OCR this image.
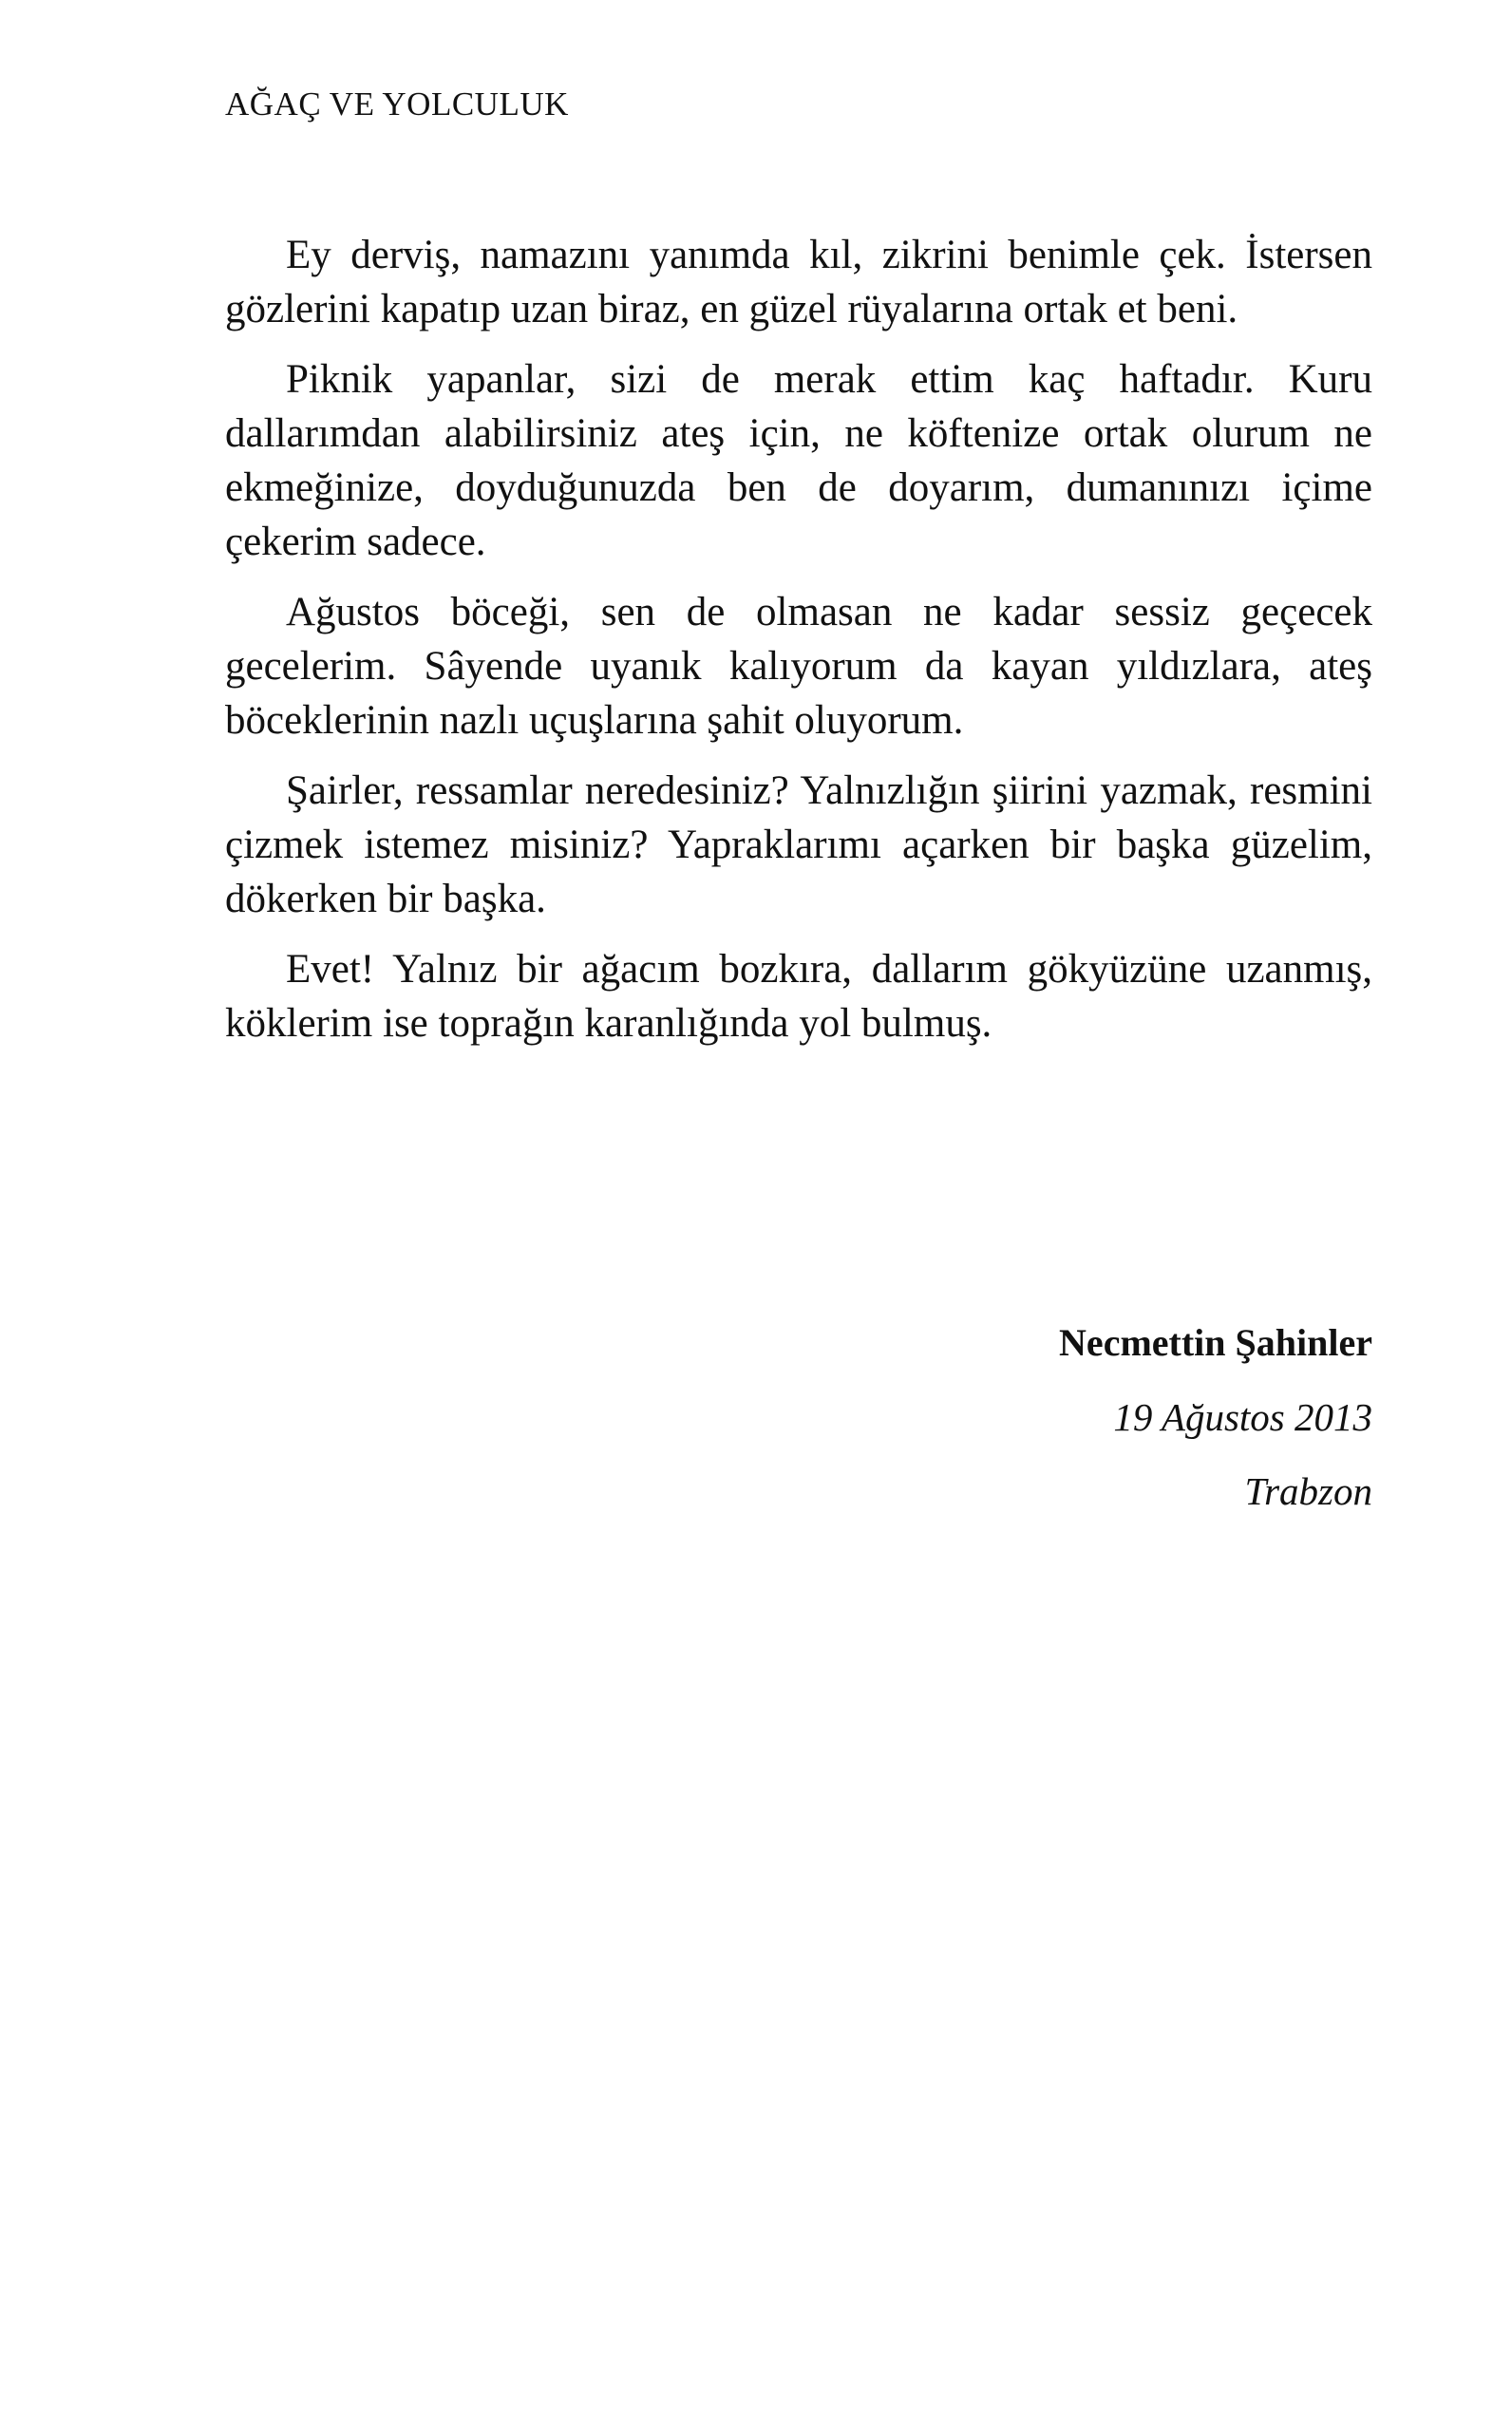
AĞAÇ VE YOLCULUK

Ey derviş, namazını yanımda kıl, zikrini benimle çek. İstersen gözlerini kapatıp uzan biraz, en güzel rüyalarına ortak et beni.

Piknik yapanlar, sizi de merak ettim kaç haftadır. Kuru dallarımdan alabilirsiniz ateş için, ne köftenize ortak olurum ne ekmeğinize, doyduğunuzda ben de doyarım, dumanınızı içime çekerim sadece.

Ağustos böceği, sen de olmasan ne kadar sessiz geçecek gecelerim. Sâyende uyanık kalıyorum da kayan yıldızlara, ateş böceklerinin nazlı uçuşlarına şahit oluyorum.

Şairler, ressamlar neredesiniz? Yalnızlığın şiirini yazmak, resmini çizmek istemez misiniz? Yapraklarımı açarken bir başka güzelim, dökerken bir başka.

Evet! Yalnız bir ağacım bozkıra, dallarım gökyüzüne uzanmış, köklerim ise toprağın karanlığında yol bulmuş.

Necmettin Şahinler

19 Ağustos 2013

Trabzon
